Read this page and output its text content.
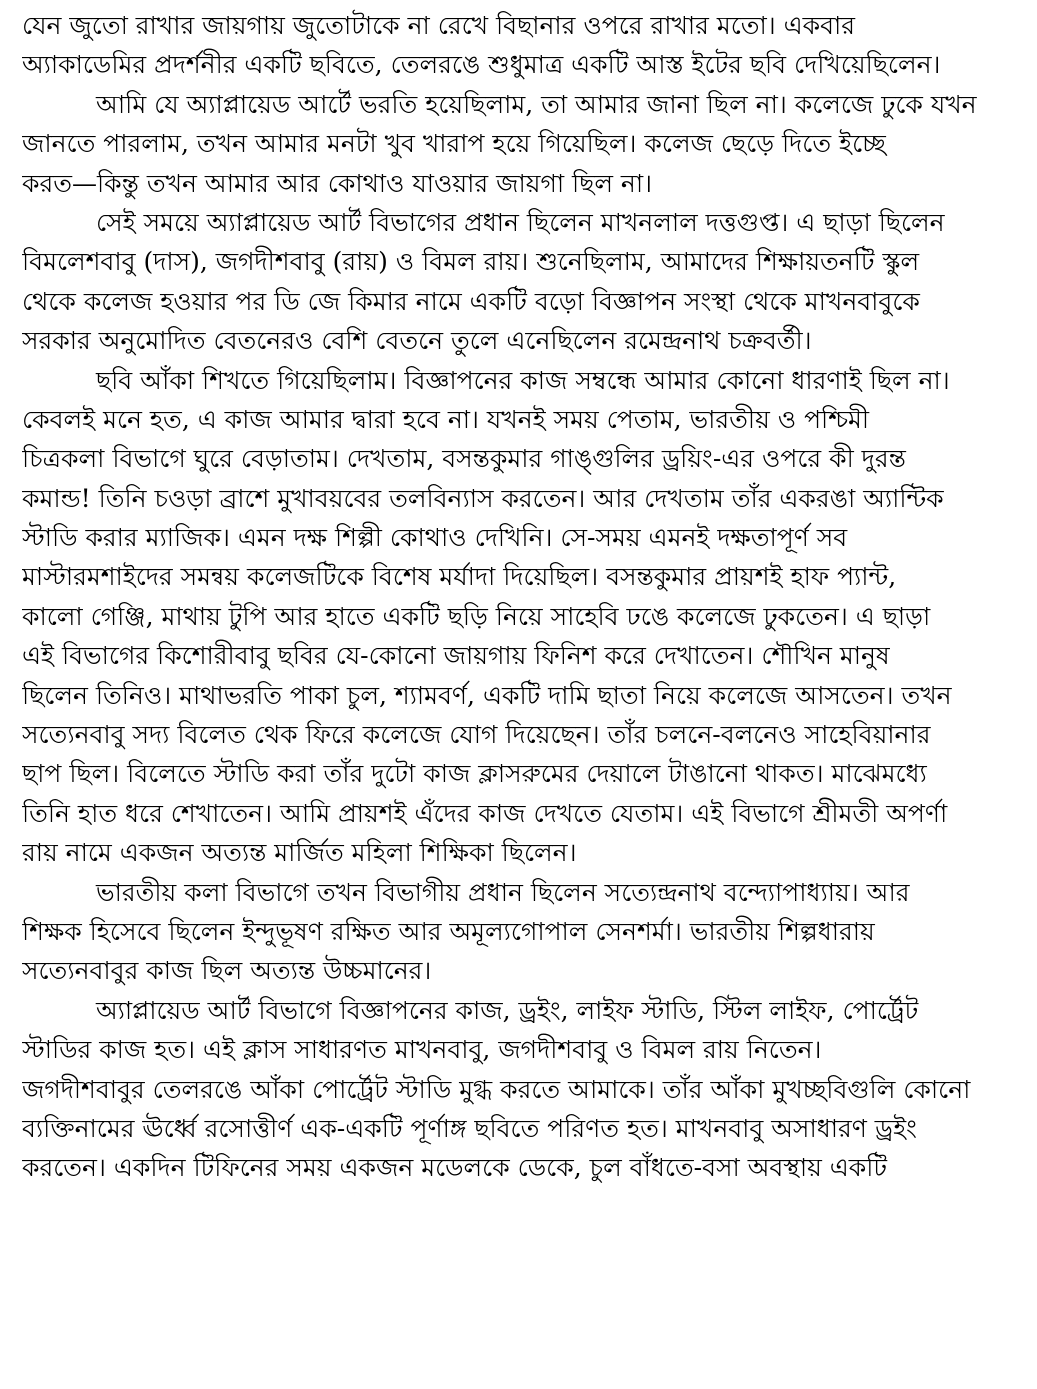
যেন জুতো রাখার জায়গায় জুতোটাকে না রেখে বিছানার ওপরে রাখার মতো। একবার
অ্যাকাডেমির প্রদর্শনীর একটি ছবিতে, তেলরঙে শুধুমাত্র একটি আস্ত ইটের ছবি দেখিয়েছিলেন।
আমি যে অ্যাপ্লায়েড আর্টে ভরতি হয়েছিলাম, তা আমার জানা ছিল না। কলেজে ঢুকে যখন
জানতে পারলাম, তখন আমার মনটা খুব খারাপ হয়ে গিয়েছিল। কলেজ ছেড়ে দিতে ইচ্ছে
করত—কিন্তু তখন আমার আর কোথাও যাওয়ার জায়গা ছিল না।
সেই সময়ে অ্যাপ্লায়েড আর্ট বিভাগের প্রধান ছিলেন মাখনলাল দত্তগুপ্ত। এ ছাড়া ছিলেন
বিমলেশবাবু (দাস), জগদীশবাবু (রায়) ও বিমল রায়। শুনেছিলাম, আমাদের শিক্ষায়তনটি স্কুল
থেকে কলেজ হওয়ার পর ডি জে কিমার নামে একটি বড়ো বিজ্ঞাপন সংস্থা থেকে মাখনবাবুকে
সরকার অনুমোদিত বেতনেরও বেশি বেতনে তুলে এনেছিলেন রমেন্দ্রনাথ চক্রবর্তী।
ছবি আঁকা শিখতে গিয়েছিলাম। বিজ্ঞাপনের কাজ সম্বন্ধে আমার কোনো ধারণাই ছিল না।
কেবলই মনে হত, এ কাজ আমার দ্বারা হবে না। যখনই সময় পেতাম, ভারতীয় ও পশ্চিমী
চিত্রকলা বিভাগে ঘুরে বেড়াতাম। দেখতাম, বসন্তকুমার গাঙ্গুলির ড্রয়িং-এর ওপরে কী দুরন্ত
কমান্ড! তিনি চওড়া ব্রাশে মুখাবয়বের তলবিন্যাস করতেন। আর দেখতাম তাঁর একরঙা অ্যান্টিক
স্টাডি করার ম্যাজিক। এমন দক্ষ শিল্পী কোথাও দেখিনি। সে-সময় এমনই দক্ষতাপূর্ণ সব
মাস্টারমশাইদের সমন্বয় কলেজটিকে বিশেষ মর্যাদা দিয়েছিল। বসন্তকুমার প্রায়শই হাফ প্যান্ট,
কালো গেঞ্জি, মাথায় টুপি আর হাতে একটি ছড়ি নিয়ে সাহেবি ঢঙে কলেজে ঢুকতেন। এ ছাড়া
এই বিভাগের কিশোরীবাবু ছবির যে-কোনো জায়গায় ফিনিশ করে দেখাতেন। শৌখিন মানুষ
ছিলেন তিনিও। মাথাভরতি পাকা চুল, শ্যামবর্ণ, একটি দামি ছাতা নিয়ে কলেজে আসতেন। তখন
সত্যেনবাবু সদ্য বিলেত থেক ফিরে কলেজে যোগ দিয়েছেন। তাঁর চলনে-বলনেও সাহেবিয়ানার
ছাপ ছিল। বিলেতে স্টাডি করা তাঁর দুটো কাজ ক্লাসরুমের দেয়ালে টাঙানো থাকত। মাঝেমধ্যে
তিনি হাত ধরে শেখাতেন। আমি প্রায়শই এঁদের কাজ দেখতে যেতাম। এই বিভাগে শ্রীমতী অপর্ণা
রায় নামে একজন অত্যন্ত মার্জিত মহিলা শিক্ষিকা ছিলেন।
ভারতীয় কলা বিভাগে তখন বিভাগীয় প্রধান ছিলেন সত্যেন্দ্রনাথ বন্দ্যোপাধ্যায়। আর
শিক্ষক হিসেবে ছিলেন ইন্দুভূষণ রক্ষিত আর অমূল্যগোপাল সেনশর্মা। ভারতীয় শিল্পধারায়
সত্যেনবাবুর কাজ ছিল অত্যন্ত উচ্চমানের।
অ্যাপ্লায়েড আর্ট বিভাগে বিজ্ঞাপনের কাজ, ড্রইং, লাইফ স্টাডি, স্টিল লাইফ, পোর্ট্রেট
স্টাডির কাজ হত। এই ক্লাস সাধারণত মাখনবাবু, জগদীশবাবু ও বিমল রায় নিতেন।
জগদীশবাবুর তেলরঙে আঁকা পোর্ট্রেট স্টাডি মুগ্ধ করতে আমাকে। তাঁর আঁকা মুখচ্ছবিগুলি কোনো
ব্যক্তিনামের ঊর্ধ্বে রসোত্তীর্ণ এক-একটি পূর্ণাঙ্গ ছবিতে পরিণত হত। মাখনবাবু অসাধারণ ড্রইং
করতেন। একদিন টিফিনের সময় একজন মডেলকে ডেকে, চুল বাঁধতে-বসা অবস্থায় একটি
